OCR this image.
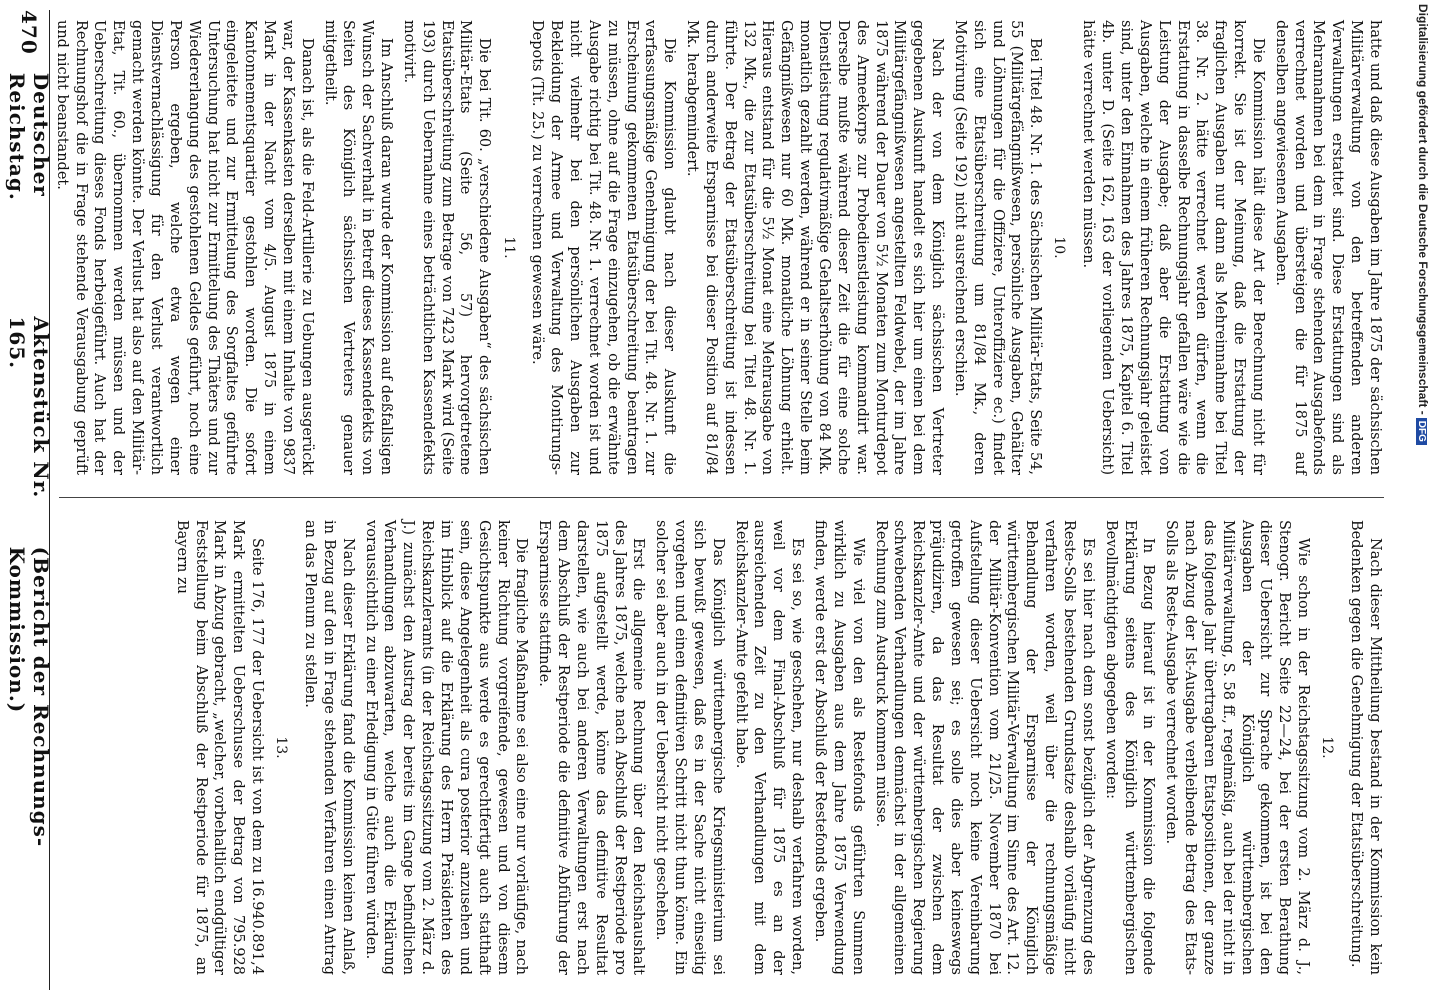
Digitalisierung gefördert durch die Deutsche Forschungsgemeinschaft -DFG

hatte und daß diese Ausgaben im Jahre 1875 der sächsischen Militärverwaltung von den betreffenden anderen Verwaltungen erstattet sind. Diese Erstattungen sind als Mehrannahmen bei dem in Frage stehenden Ausgabefonds verrechnet worden und übersteigen die für 1875 auf denselben angewiesenen Ausgaben.

Die Kommission hält diese Art der Berechnung nicht für korrekt. Sie ist der Meinung, daß die Erstattung der fraglichen Ausgaben nur dann als Mehreinnahme bei Titel 38. Nr. 2. hätte verrechnet werden dürfen, wenn die Erstattung in dasselbe Rechnungsjahr gefallen wäre wie die Leistung der Ausgabe; daß aber die Erstattung von Ausgaben, welche in einem früheren Rechnungsjahr geleistet sind, unter den Einnahmen des Jahres 1875, Kapitel 6. Titel 4b. unter D. (Seite 162, 163 der vorliegenden Uebersicht) hätte verrechnet werden müssen.

10.

Bei Titel 48. Nr. 1. des Sächsischen Militär-Etats, Seite 54, 55 (Militärgefängnißwesen, persönliche Ausgaben, Gehälter und Löhnungen für die Offiziere, Unteroffiziere ec.) findet sich eine Etatsüberschreitung um 81/84 Mk., deren Motivirung (Seite 192) nicht ausreichend erschien.

Nach der von dem Königlich sächsischen Vertreter gegebenen Auskunft handelt es sich hier um einen bei dem Militärgefängnißwesen angestellten Feldwebel, der im Jahre 1875 während der Dauer von 5½ Monaten zum Monturdepot des Armeekorps zur Probedienstleistung kommandirt war. Derselbe mußte während dieser Zeit die für eine solche Dienstleistung regulativmäßige Gehaltserhöhung von 84 Mk. monatlich gezahlt werden, während er in seiner Stelle beim Gefängnißwesen nur 60 Mk. monatliche Löhnung erhielt. Hieraus entstand für die 5½ Monat eine Mehrausgabe von 132 Mk., die zur Etatsüberschreitung bei Titel 48. Nr. 1. führte. Der Betrag der Etatsüberschreitung ist indessen durch anderweite Ersparnisse bei dieser Position auf 81/84 Mk. herabgemindert.

Die Kommission glaubt nach dieser Auskunft die verfassungsmäßige Genehmigung der bei Tit. 48. Nr. 1. zur Erscheinung gekommenen Etatsüberschreitung beantragen zu müssen, ohne auf die Frage einzugehen, ob die erwähnte Ausgabe richtig bei Tit. 48. Nr. 1. verrechnet worden ist und nicht vielmehr bei den persönlichen Ausgaben zur Bekleidung der Armee und Verwaltung des Montirungs-Depots (Tit. 25.) zu verrechnen gewesen wäre.

11.

Die bei Tit. 60. „verschiedene Ausgaben“ des sächsischen Militär-Etats (Seite 56, 57) hervorgetretene Etatsüberschreitung zum Betrage von 7423 Mark wird (Seite 193) durch Uebernahme eines beträchtlichen Kassendefekts motivirt.

Im Anschluß daran wurde der Kommission auf deßfallsigen Wunsch der Sachverhalt in Betreff dieses Kassendefekts von Seiten des Königlich sächsischen Vertreters genauer mitgetheilt.

Danach ist, als die Feld-Artillerie zu Uebungen ausgerückt war, der Kassenkasten derselben mit einem Inhalte von 9837 Mark in der Nacht vom 4/5. August 1875 in einem Kantonnementsquartier gestohlen worden. Die sofort eingeleitete und zur Ermittelung des Sorgfaltes geführte Untersuchung hat nicht zur Ermittelung des Thäters und zur Wiedererlangung des gestohlenen Geldes geführt, noch eine Person ergeben, welche etwa wegen einer Dienstvernachlässigung für den Verlust verantwortlich gemacht werden könnte. Der Verlust hat also auf den Militär-Etat, Tit. 60., übernommen werden müssen und der Ueberschreitung dieses Fonds herbeigeführt. Auch hat der Rechnungshof die in Frage stehende Verausgabung geprüft und nicht beanstandet.

Nach dieser Mittheilung bestand in der Kommission kein Bedenken gegen die Genehmigung der Etatsüberschreitung.

12.

Wie schon in der Reichstagssitzung vom 2. März d. J., Stenogr. Bericht Seite 22—24, bei der ersten Berathung dieser Uebersicht zur Sprache gekommen, ist bei den Ausgaben der Königlich württembergischen Militärverwaltung, S. 58 ff., regelmäßig, auch bei der nicht in das folgende Jahr übertragbaren Etatspositionen, der ganze nach Abzug der Ist-Ausgabe verbleibende Betrag des Etats-Solls als Reste-Ausgabe verrechnet worden.

In Bezug hierauf ist in der Kommission die folgende Erklärung seitens des Königlich württembergischen Bevollmächtigten abgegeben worden:

Es sei hier nach dem sonst bezüglich der Abgrenzung des Reste-Solls bestehenden Grundsatze deshalb vorläufig nicht verfahren worden, weil über die rechnungsmäßige Behandlung der Ersparnisse der Königlich württembergischen Militär-Verwaltung im Sinne des Art. 12. der Militär-Konvention vom 21/25. November 1870 bei Aufstellung dieser Uebersicht noch keine Vereinbarung getroffen gewesen sei; es solle dies aber keineswegs präjudiziren, da das Resultat der zwischen dem Reichskanzler-Amte und der württembergischen Regierung schwebenden Verhandlungen demnächst in der allgemeinen Rechnung zum Ausdruck kommen müsse.

Wie viel von den als Restefonds geführten Summen wirklich zu Ausgaben aus dem Jahre 1875 Verwendung finden, werde erst der Abschluß der Restefonds ergeben.

Es sei so, wie geschehen, nur deshalb verfahren worden, weil vor dem Final-Abschluß für 1875 es an der ausreichenden Zeit zu den Verhandlungen mit dem Reichskanzler-Amte gefehlt habe.

Das Königlich württembergische Kriegsministerium sei sich bewußt gewesen, daß es in der Sache nicht einseitig vorgehen und einen definitiven Schritt nicht thun könne. Ein solcher sei aber auch in der Uebersicht nicht geschehen.

Erst die allgemeine Rechnung über den Reichshaushalt des Jahres 1875, welche nach Abschluß der Restperiode pro 1875 aufgestellt werde, könne das definitive Resultat darstellen, wie auch bei anderen Verwaltungen erst nach dem Abschluß der Restperiode die definitive Abführung der Ersparnisse stattfinde.

Die fragliche Maßnahme sei also eine nur vorläufige, nach keiner Richtung vorgreifende, gewesen und von diesem Gesichtspunkte aus werde es gerechtfertigt auch statthaft sein, diese Angelegenheit als cura posterior anzusehen und im Hinblick auf die Erklärung des Herrn Präsidenten des Reichskanzleramts (in der Reichstagssitzung vom 2. März d. J.) zunächst den Austrag der bereits im Gange befindlichen Verhandlungen abzuwarten, welche auch die Erklärung voraussichtlich zu einer Erledigung in Güte führen würden.

Nach dieser Erklärung fand die Kommission keinen Anlaß, in Bezug auf den in Frage stehenden Verfahren einen Antrag an das Plenum zu stellen.

13.

Seite 176, 177 der Uebersicht ist von dem zu 16.940.891,4 Mark ermittelten Ueberschusse der Betrag von 795.928 Mark in Abzug gebracht, „welcher, vorbehaltlich endgültiger Feststellung beim Abschluß der Restperiode für 1875, an Bayern zu

470
Deutscher Reichstag.
Aktenstück Nr. 165.
(Bericht der Rechnungs-Kommission.)
